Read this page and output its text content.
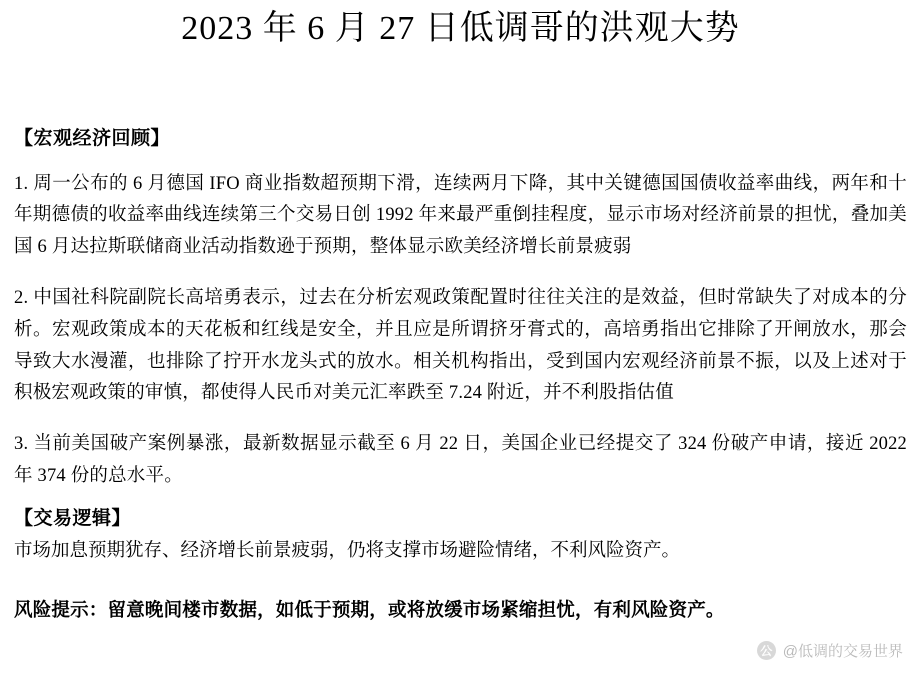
2023 年 6 月 27 日低调哥的洪观大势
【宏观经济回顾】

1. 周一公布的 6 月德国 IFO 商业指数超预期下滑，连续两月下降，其中关键德国国债收益率曲线，两年和十年期德债的收益率曲线连续第三个交易日创 1992 年来最严重倒挂程度，显示市场对经济前景的担忧，叠加美国 6 月达拉斯联储商业活动指数逊于预期，整体显示欧美经济增长前景疲弱

2. 中国社科院副院长高培勇表示，过去在分析宏观政策配置时往往关注的是效益，但时常缺失了对成本的分析。宏观政策成本的天花板和红线是安全，并且应是所谓挤牙膏式的，高培勇指出它排除了开闸放水，那会导致大水漫灌，也排除了拧开水龙头式的放水。相关机构指出，受到国内宏观经济前景不振，以及上述对于积极宏观政策的审慎，都使得人民币对美元汇率跌至 7.24 附近，并不利股指估值

3. 当前美国破产案例暴涨，最新数据显示截至 6 月 22 日，美国企业已经提交了 324 份破产申请，接近 2022 年 374 份的总水平。

【交易逻辑】

市场加息预期犹存、经济增长前景疲弱，仍将支撑市场避险情绪，不利风险资产。

风险提示：留意晚间楼市数据，如低于预期，或将放缓市场紧缩担忧，有利风险资产。

公 @低调的交易世界
